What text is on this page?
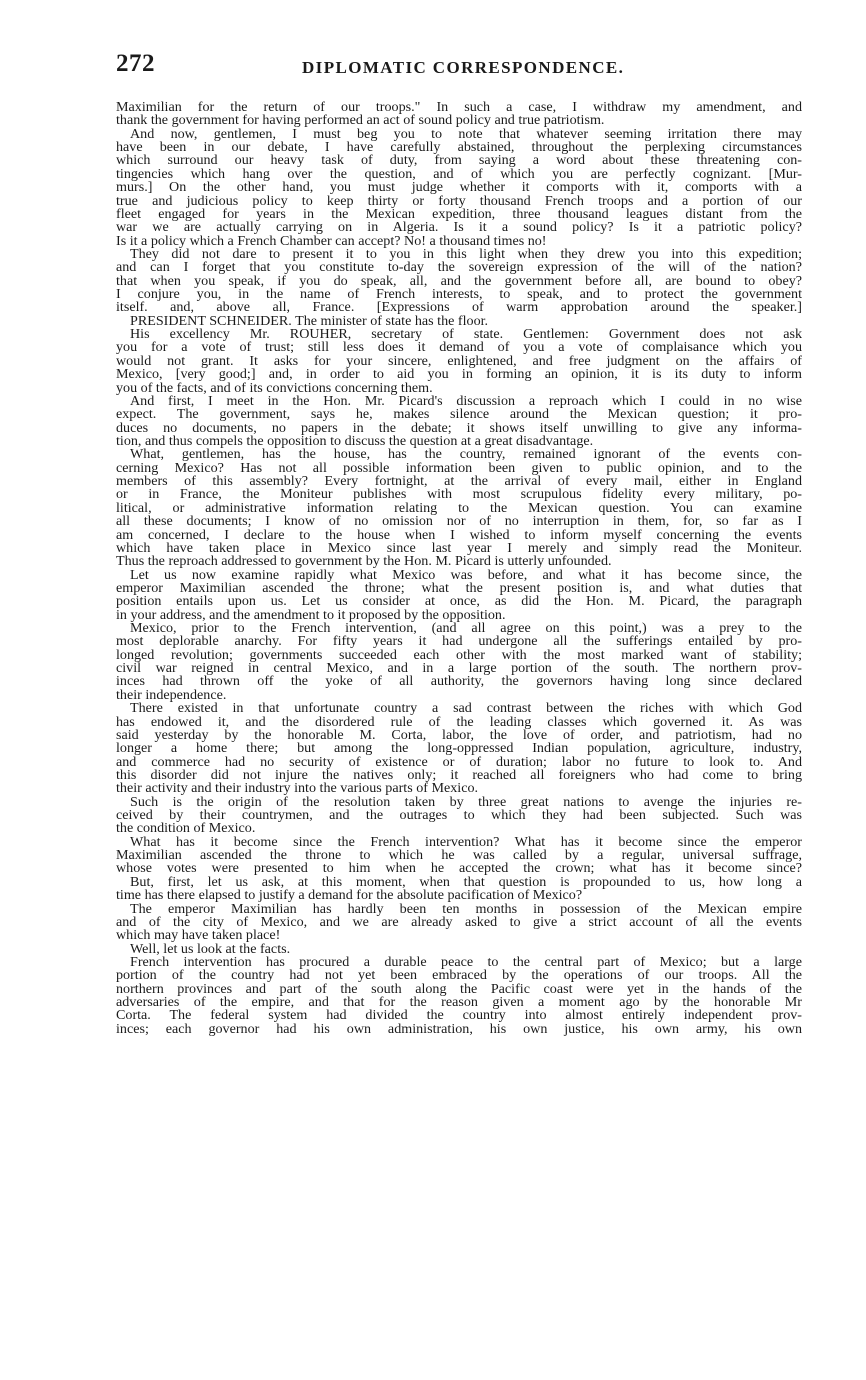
272	DIPLOMATIC CORRESPONDENCE.
Maximilian for the return of our troops." In such a case, I withdraw my amendment, and
thank the government for having performed an act of sound policy and true patriotism.
And now, gentlemen, I must beg you to note that whatever seeming irritation there may
have been in our debate, I have carefully abstained, throughout the perplexing circumstances
which surround our heavy task of duty, from saying a word about these threatening con-
tingencies which hang over the question, and of which you are perfectly cognizant. [Mur-
murs.] On the other hand, you must judge whether it comports with it, comports with a
true and judicious policy to keep thirty or forty thousand French troops and a portion of our
fleet engaged for years in the Mexican expedition, three thousand leagues distant from the
war we are actually carrying on in Algeria. Is it a sound policy? Is it a patriotic policy?
Is it a policy which a French Chamber can accept? No! a thousand times no!
They did not dare to present it to you in this light when they drew you into this expedition;
and can I forget that you constitute to-day the sovereign expression of the will of the nation?
that when you speak, if you do speak, all, and the government before all, are bound to obey?
I conjure you, in the name of French interests, to speak, and to protect the government
itself. and, above all, France. [Expressions of warm approbation around the speaker.]
PRESIDENT SCHNEIDER. The minister of state has the floor.
His excellency Mr. ROUHER, secretary of state. Gentlemen: Government does not ask
you for a vote of trust; still less does it demand of you a vote of complaisance which you
would not grant. It asks for your sincere, enlightened, and free judgment on the affairs of
Mexico, [very good;] and, in order to aid you in forming an opinion, it is its duty to inform
you of the facts, and of its convictions concerning them.
And first, I meet in the Hon. Mr. Picard's discussion a reproach which I could in no wise
expect. The government, says he, makes silence around the Mexican question; it pro-
duces no documents, no papers in the debate; it shows itself unwilling to give any informa-
tion, and thus compels the opposition to discuss the question at a great disadvantage.
What, gentlemen, has the house, has the country, remained ignorant of the events con-
cerning Mexico? Has not all possible information been given to public opinion, and to the
members of this assembly? Every fortnight, at the arrival of every mail, either in England
or in France, the Moniteur publishes with most scrupulous fidelity every military, po-
litical, or administrative information relating to the Mexican question. You can examine
all these documents; I know of no omission nor of no interruption in them, for, so far as I
am concerned, I declare to the house when I wished to inform myself concerning the events
which have taken place in Mexico since last year I merely and simply read the Moniteur.
Thus the reproach addressed to government by the Hon. M. Picard is utterly unfounded.
Let us now examine rapidly what Mexico was before, and what it has become since, the
emperor Maximilian ascended the throne; what the present position is, and what duties that
position entails upon us. Let us consider at once, as did the Hon. M. Picard, the paragraph
in your address, and the amendment to it proposed by the opposition.
Mexico, prior to the French intervention, (and all agree on this point,) was a prey to the
most deplorable anarchy. For fifty years it had undergone all the sufferings entailed by pro-
longed revolution; governments succeeded each other with the most marked want of stability;
civil war reigned in central Mexico, and in a large portion of the south. The northern prov-
inces had thrown off the yoke of all authority, the governors having long since declared
their independence.
There existed in that unfortunate country a sad contrast between the riches with which God
has endowed it, and the disordered rule of the leading classes which governed it. As was
said yesterday by the honorable M. Corta, labor, the love of order, and patriotism, had no
longer a home there; but among the long-oppressed Indian population, agriculture, industry,
and commerce had no security of existence or of duration; labor no future to look to. And
this disorder did not injure the natives only; it reached all foreigners who had come to bring
their activity and their industry into the various parts of Mexico.
Such is the origin of the resolution taken by three great nations to avenge the injuries re-
ceived by their countrymen, and the outrages to which they had been subjected. Such was
the condition of Mexico.
What has it become since the French intervention? What has it become since the emperor
Maximilian ascended the throne to which he was called by a regular, universal suffrage,
whose votes were presented to him when he accepted the crown; what has it become since?
But, first, let us ask, at this moment, when that question is propounded to us, how long a
time has there elapsed to justify a demand for the absolute pacification of Mexico?
The emperor Maximilian has hardly been ten months in possession of the Mexican empire
and of the city of Mexico, and we are already asked to give a strict account of all the events
which may have taken place!
Well, let us look at the facts.
French intervention has procured a durable peace to the central part of Mexico; but a large
portion of the country had not yet been embraced by the operations of our troops. All the
northern provinces and part of the south along the Pacific coast were yet in the hands of the
adversaries of the empire, and that for the reason given a moment ago by the honorable Mr
Corta. The federal system had divided the country into almost entirely independent prov-
inces; each governor had his own administration, his own justice, his own army, his own
